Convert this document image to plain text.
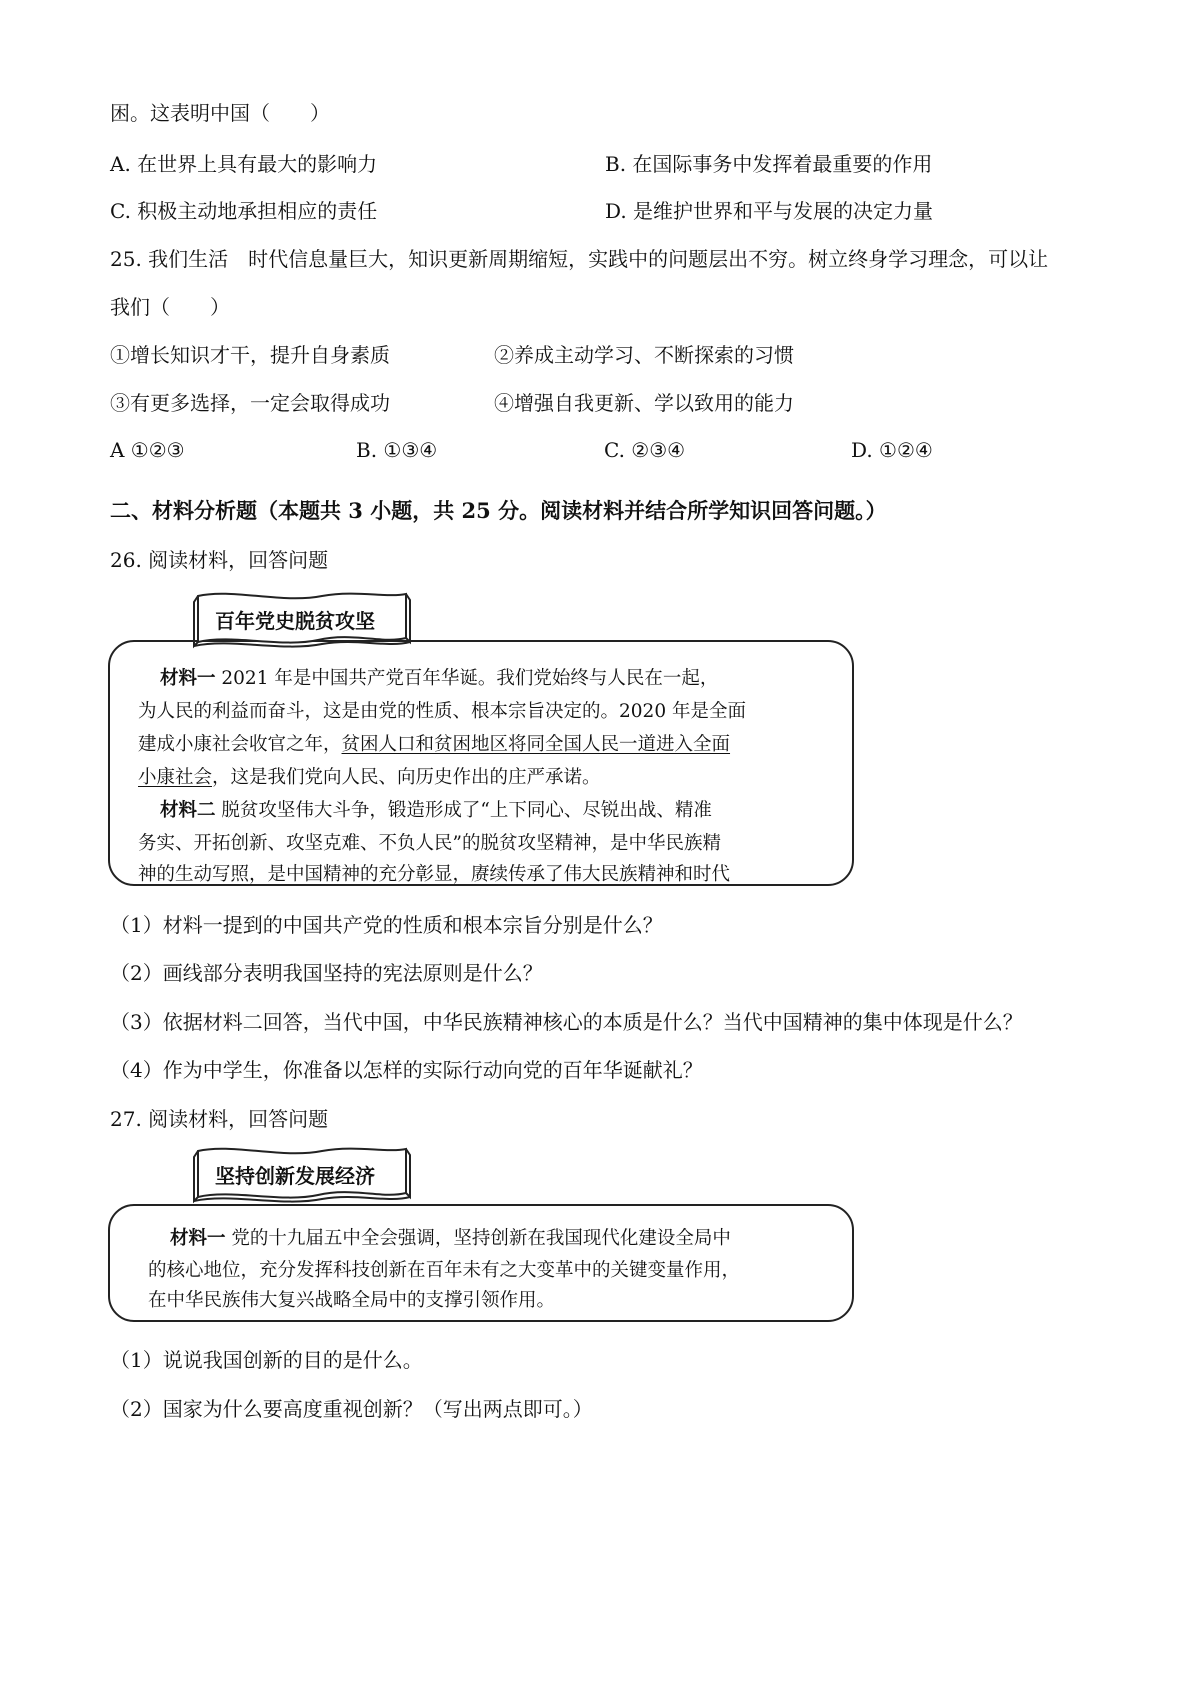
困。这表明中国（　　）
A. 在世界上具有最大的影响力	B. 在国际事务中发挥着最重要的作用
C. 积极主动地承担相应的责任	D. 是维护世界和平与发展的决定力量
25. 我们生活　时代信息量巨大，知识更新周期缩短，实践中的问题层出不穷。树立终身学习理念，可以让
我们（　　）
①增长知识才干，提升自身素质	②养成主动学习、不断探索的习惯
③有更多选择，一定会取得成功	④增强自我更新、学以致用的能力
A ①②③	B. ①③④	C. ②③④	D. ①②④
二、材料分析题（本题共 3 小题，共 25 分。阅读材料并结合所学知识回答问题。）
26. 阅读材料，回答问题
材料一 2021 年是中国共产党百年华诞。我们党始终与人民在一起，
为人民的利益而奋斗，这是由党的性质、根本宗旨决定的。2020 年是全面
建成小康社会收官之年，贫困人口和贫困地区将同全国人民一道进入全面
小康社会，这是我们党向人民、向历史作出的庄严承诺。
材料二 脱贫攻坚伟大斗争，锻造形成了“上下同心、尽锐出战、精准
务实、开拓创新、攻坚克难、不负人民”的脱贫攻坚精神，是中华民族精
神的生动写照，是中国精神的充分彰显，赓续传承了伟大民族精神和时代
百年党史脱贫攻坚
（1）材料一提到的中国共产党的性质和根本宗旨分别是什么？
（2）画线部分表明我国坚持的宪法原则是什么？
（3）依据材料二回答，当代中国，中华民族精神核心的本质是什么？当代中国精神的集中体现是什么？
（4）作为中学生，你准备以怎样的实际行动向党的百年华诞献礼？
27. 阅读材料，回答问题
材料一 党的十九届五中全会强调，坚持创新在我国现代化建设全局中
的核心地位，充分发挥科技创新在百年未有之大变革中的关键变量作用，
在中华民族伟大复兴战略全局中的支撑引领作用。
坚持创新发展经济
（1）说说我国创新的目的是什么。
（2）国家为什么要高度重视创新？（写出两点即可。）
